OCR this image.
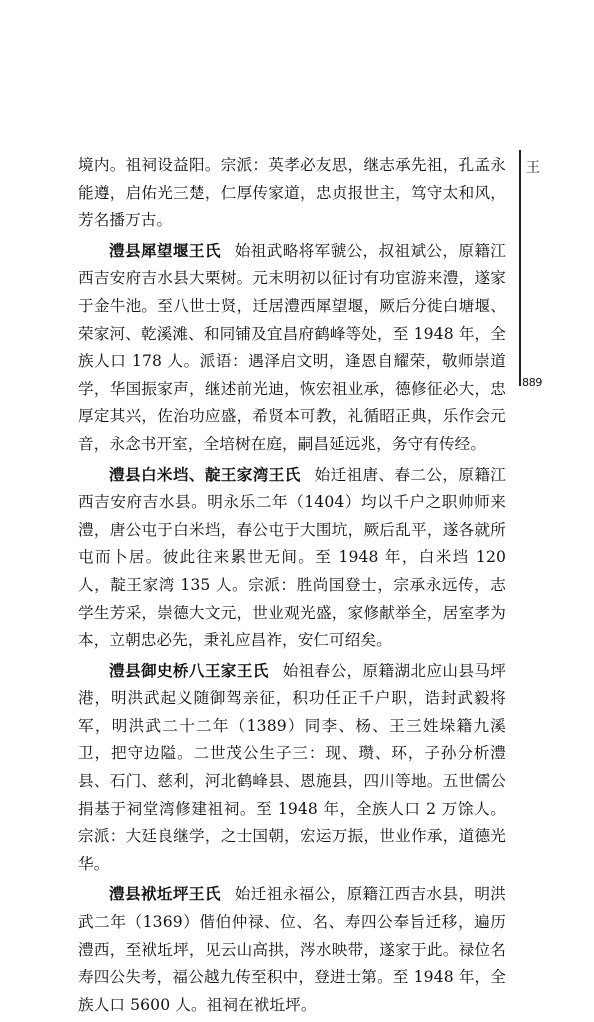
王
889

境内。祖祠设益阳。宗派：英孝必友思，继志承先祖，孔孟永能遵，启佑光三楚，仁厚传家道，忠贞报世主，笃守太和风，芳名播万古。

澧县犀望堰王氏 始祖武略将军虢公，叔祖斌公，原籍江西吉安府吉水县大栗树。元末明初以征讨有功宦游来澧，遂家于金牛池。至八世士贤，迁居澧西犀望堰，厥后分徙白塘堰、荣家河、乾溪滩、和同铺及宜昌府鹤峰等处，至 1948 年，全族人口 178 人。派语：遇泽启文明，逢恩自耀荣，敬师崇道学，华国振家声，继述前光迪，恢宏祖业承，德修征必大，忠厚定其兴，佐治功应盛，希贤本可教，礼循昭正典，乐作会元音，永念书开室，全培树在庭，嗣昌延远兆，务守有传经。

澧县白米垱、靛王家湾王氏 始迁祖唐、春二公，原籍江西吉安府吉水县。明永乐二年（1404）均以千户之职帅师来澧，唐公屯于白米垱，春公屯于大围坑，厥后乱平，遂各就所屯而卜居。彼此往来累世无间。至 1948 年，白米垱 120 人，靛王家湾 135 人。宗派：胜尚国登士，宗承永远传，志学生芳采，崇德大文元，世业观光盛，家修献举全，居室孝为本，立朝忠必先，秉礼应昌祚，安仁可绍矣。

澧县御史桥八王家王氏 始祖春公，原籍湖北应山县马坪港，明洪武起义随御驾亲征，积功任正千户职，诰封武毅将军，明洪武二十二年（1389）同李、杨、王三姓垛籍九溪卫，把守边隘。二世茂公生子三：现、瓒、环，子孙分析澧县、石门、慈利，河北鹤峰县、恩施县，四川等地。五世儒公捐基于祠堂湾修建祖祠。至 1948 年，全族人口 2 万馀人。宗派：大廷良继学，之士国朝，宏运万振，世业作承，道德光华。

澧县袱坵坪王氏 始迁祖永福公，原籍江西吉水县，明洪武二年（1369）偕伯仲禄、位、名、寿四公奉旨迁移，遍历澧西，至袱坵坪，见云山高拱，涔水映带，遂家于此。禄位名寿四公失考，福公越九传至积中，登进士第。至 1948 年，全族人口 5600 人。祖祠在袱坵坪。
